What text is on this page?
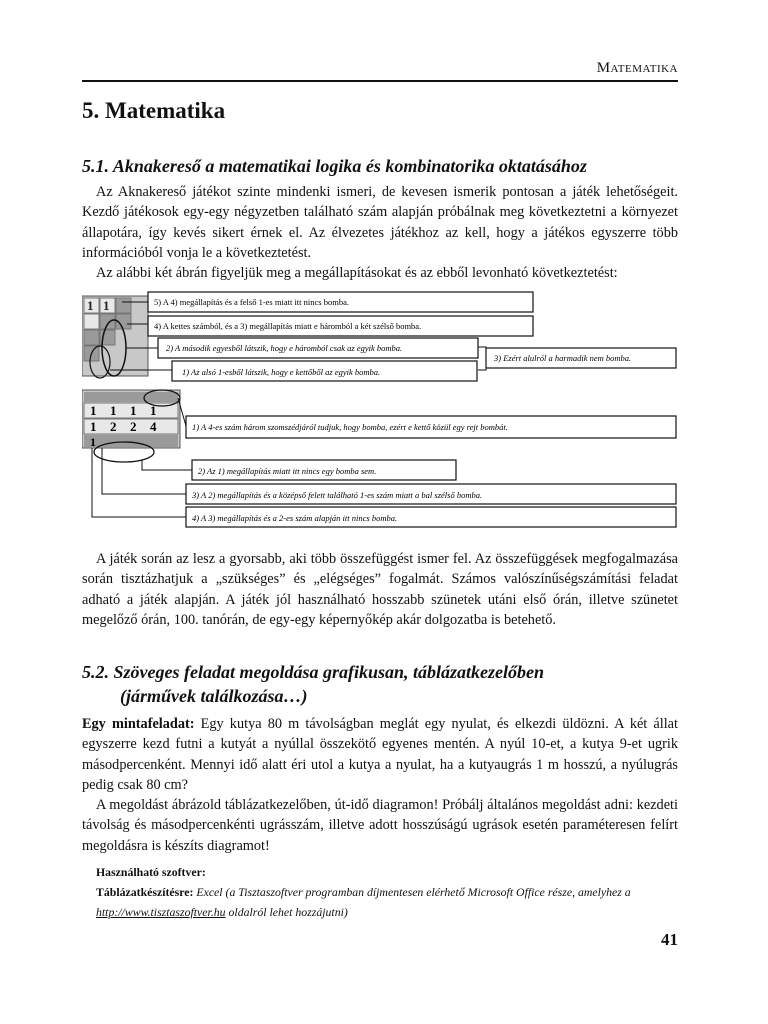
Matematika
5. Matematika
5.1. Aknakereső a matematikai logika és kombinatorika oktatásához

Az Aknakereső játékot szinte mindenki ismeri, de kevesen ismerik pontosan a játék lehetőségeit. Kezdő játékosok egy-egy négyzetben található szám alapján próbálnak meg következtetni a környezet állapotára, így kevés sikert érnek el. Az élvezetes játékhoz az kell, hogy a játékos egyszerre több információból vonja le a következtetést.

Az alábbi két ábrán figyeljük meg a megállapításokat és az ebből levonható következtetést:

1 1	5) A 4) megállapítás és a felső 1-es miatt itt nincs bomba.
4) A kettes számból, és a 3) megállapítás miatt e háromból a két szélső bomba.
2) A második egyesből látszik, hogy e háromból csak az egyik bomba.
1) Az alsó 1-esből látszik, hogy e kettőből az egyik bomba.
3) Ezért alulról a harmadik nem bomba.
1 1 1 1
1 2 2 4
1
1) A 4-es szám három szomszédjáról tudjuk, hogy bomba, ezért e kettő közül egy rejt bombát.
2) Az 1) megállapítás miatt itt nincs egy bomba sem.
3) A 2) megállapítás és a középső felett található 1-es szám miatt a bal szélső bomba.
4) A 3) megállapítás és a 2-es szám alapján itt nincs bomba.

A játék során az lesz a gyorsabb, aki több összefüggést ismer fel. Az összefüggések megfogalmazása során tisztázhatjuk a „szükséges” és „elégséges” fogalmát. Számos valószínűségszámítási feladat adható a játék alapján. A játék jól használható hosszabb szünetek utáni első órán, illetve szünetet megelőző órán, 100. tanórán, de egy-egy képernyőkép akár dolgozatba is betehető.

5.2. Szöveges feladat megoldása grafikusan, táblázatkezelőben
(járművek találkozása…)

Egy mintafeladat: Egy kutya 80 m távolságban meglát egy nyulat, és elkezdi üldözni. A két állat egyszerre kezd futni a kutyát a nyúllal összekötő egyenes mentén. A nyúl 10-et, a kutya 9-et ugrik másodpercenként. Mennyi idő alatt éri utol a kutya a nyulat, ha a kutyaugrás 1 m hosszú, a nyúlugrás pedig csak 80 cm?

A megoldást ábrázold táblázatkezelőben, út-idő diagramon! Próbálj általános megoldást adni: kezdeti távolság és másodpercenkénti ugrásszám, illetve adott hosszúságú ugrások esetén paraméteresen felírt megoldásra is készíts diagramot!

Használható szoftver:
Táblázatkészítésre: Excel (a Tisztaszoftver programban díjmentesen elérhető Microsoft Office része, amelyhez a http://www.tisztaszoftver.hu oldalról lehet hozzájutni)
41
